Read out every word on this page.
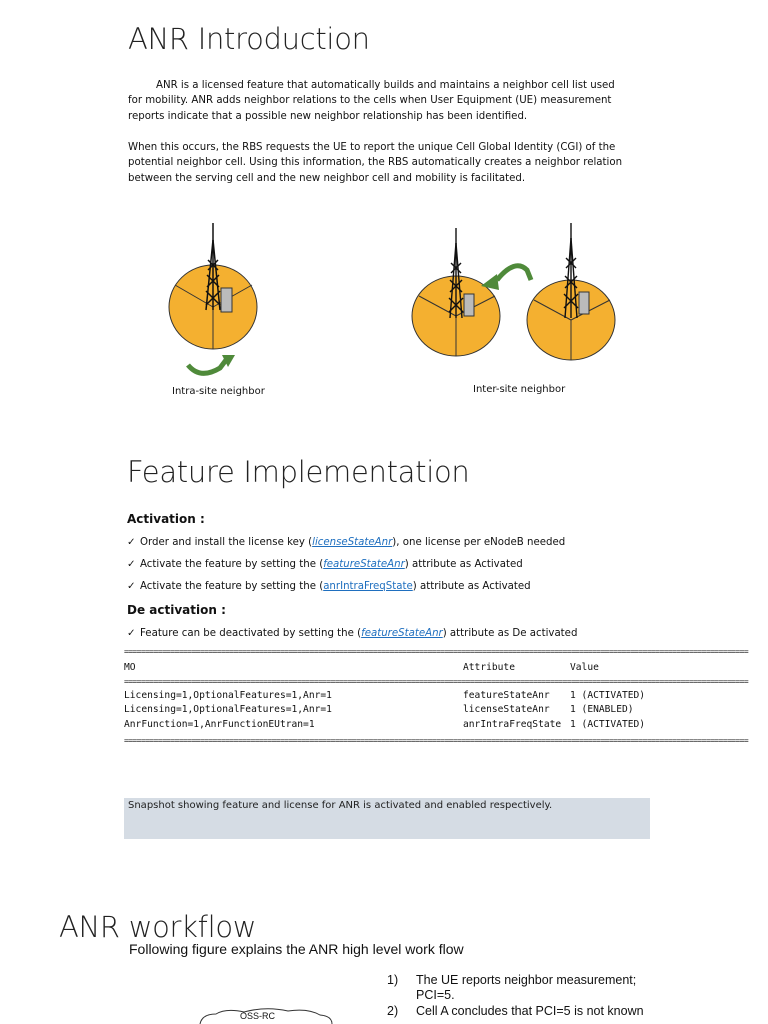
ANR Introduction
ANR is a licensed feature that automatically builds and maintains a neighbor cell list used for mobility. ANR adds neighbor relations to the cells when User Equipment (UE) measurement reports indicate that a possible new neighbor relationship has been identified.
When this occurs, the RBS requests the UE to report the unique Cell Global Identity (CGI) of the potential neighbor cell. Using this information, the RBS automatically creates a neighbor relation between the serving cell and the new neighbor cell and mobility is facilitated.
Intra-site neighbor	Inter-site neighbor
Feature Implementation
Activation :
✓ Order and install the license key (licenseStateAnr), one license per eNodeB needed
✓ Activate the feature by setting the (featureStateAnr) attribute as Activated
✓ Activate the feature by setting the (anrIntraFreqState) attribute as Activated
De activation :
✓ Feature can be deactivated by setting the (featureStateAnr) attribute as De activated
====================================================================================================================================================
MO	Attribute	Value
====================================================================================================================================================
Licensing=1,OptionalFeatures=1,Anr=1	featureStateAnr 1 (ACTIVATED)
Licensing=1,OptionalFeatures=1,Anr=1	licenseStateAnr 1 (ENABLED)
AnrFunction=1,AnrFunctionEUtran=1	anrIntraFreqState 1 (ACTIVATED)
====================================================================================================================================================
Snapshot showing feature and license for ANR is activated and enabled respectively.
ANR workflow
Following figure explains the ANR high level work flow
1)	The UE reports neighbor measurement; PCI=5.
2)	Cell A concludes that PCI=5 is not known
OSS-RC
